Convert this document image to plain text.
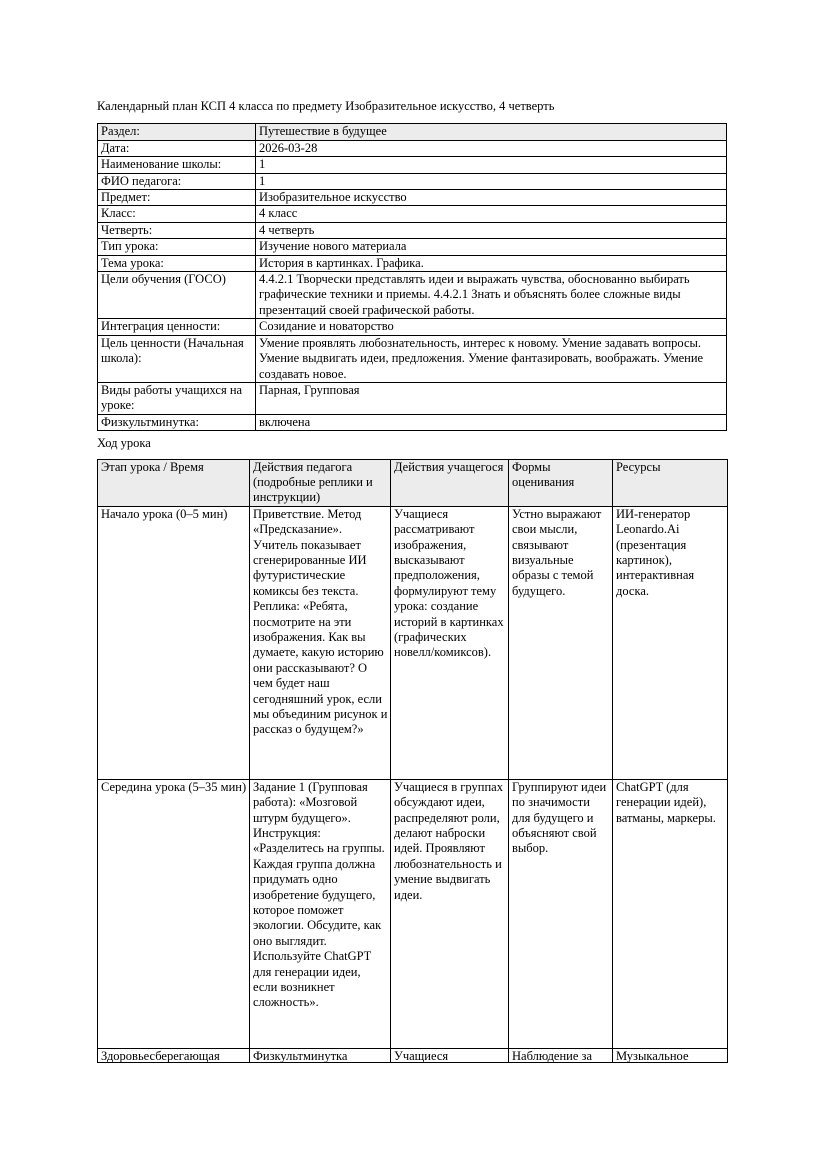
Календарный план КСП 4 класса по предмету Изобразительное искусство, 4 четверть
Раздел:	Путешествие в будущее
Дата:	2026-03-28
Наименование школы:	1
ФИО педагога:	1
Предмет:	Изобразительное искусство
Класс:	4 класс
Четверть:	4 четверть
Тип урока:	Изучение нового материала
Тема урока:	История в картинках. Графика.
Цели обучения (ГОСО)	4.4.2.1 Творчески представлять идеи и выражать чувства, обоснованно выбирать графические техники и приемы. 4.4.2.1 Знать и объяснять более сложные виды презентаций своей графической работы.
Интеграция ценности:	Созидание и новаторство
Цель ценности (Начальная школа):	Умение проявлять любознательность, интерес к новому. Умение задавать вопросы. Умение выдвигать идеи, предложения. Умение фантазировать, воображать. Умение создавать новое.
Виды работы учащихся на уроке:	Парная, Групповая
Физкультминутка:	включена
Ход урока
Этап урока / Время	Действия педагога (подробные реплики и инструкции)	Действия учащегося	Формы оценивания	Ресурсы
Начало урока (0–5 мин)	Приветствие. Метод «Предсказание». Учитель показывает сгенерированные ИИ футуристические комиксы без текста. Реплика: «Ребята, посмотрите на эти изображения. Как вы думаете, какую историю они рассказывают? О чем будет наш сегодняшний урок, если мы объединим рисунок и рассказ о будущем?»	Учащиеся рассматривают изображения, высказывают предположения, формулируют тему урока: создание историй в картинках (графических новелл/комиксов).	Устно выражают свои мысли, связывают визуальные образы с темой будущего.	ИИ-генератор Leonardo.Ai (презентация картинок), интерактивная доска.
Середина урока (5–35 мин)	Задание 1 (Групповая работа): «Мозговой штурм будущего». Инструкция: «Разделитесь на группы. Каждая группа должна придумать одно изобретение будущего, которое поможет экологии. Обсудите, как оно выглядит. Используйте ChatGPT для генерации идеи, если возникнет сложность».	Учащиеся в группах обсуждают идеи, распределяют роли, делают наброски идей. Проявляют любознательность и умение выдвигать идеи.	Группируют идеи по значимости для будущего и объясняют свой выбор.	ChatGPT (для генерации идей), ватманы, маркеры.

Здоровьесберегающая	Физкультминутка	Учащиеся	Наблюдение за	Музыкальное
